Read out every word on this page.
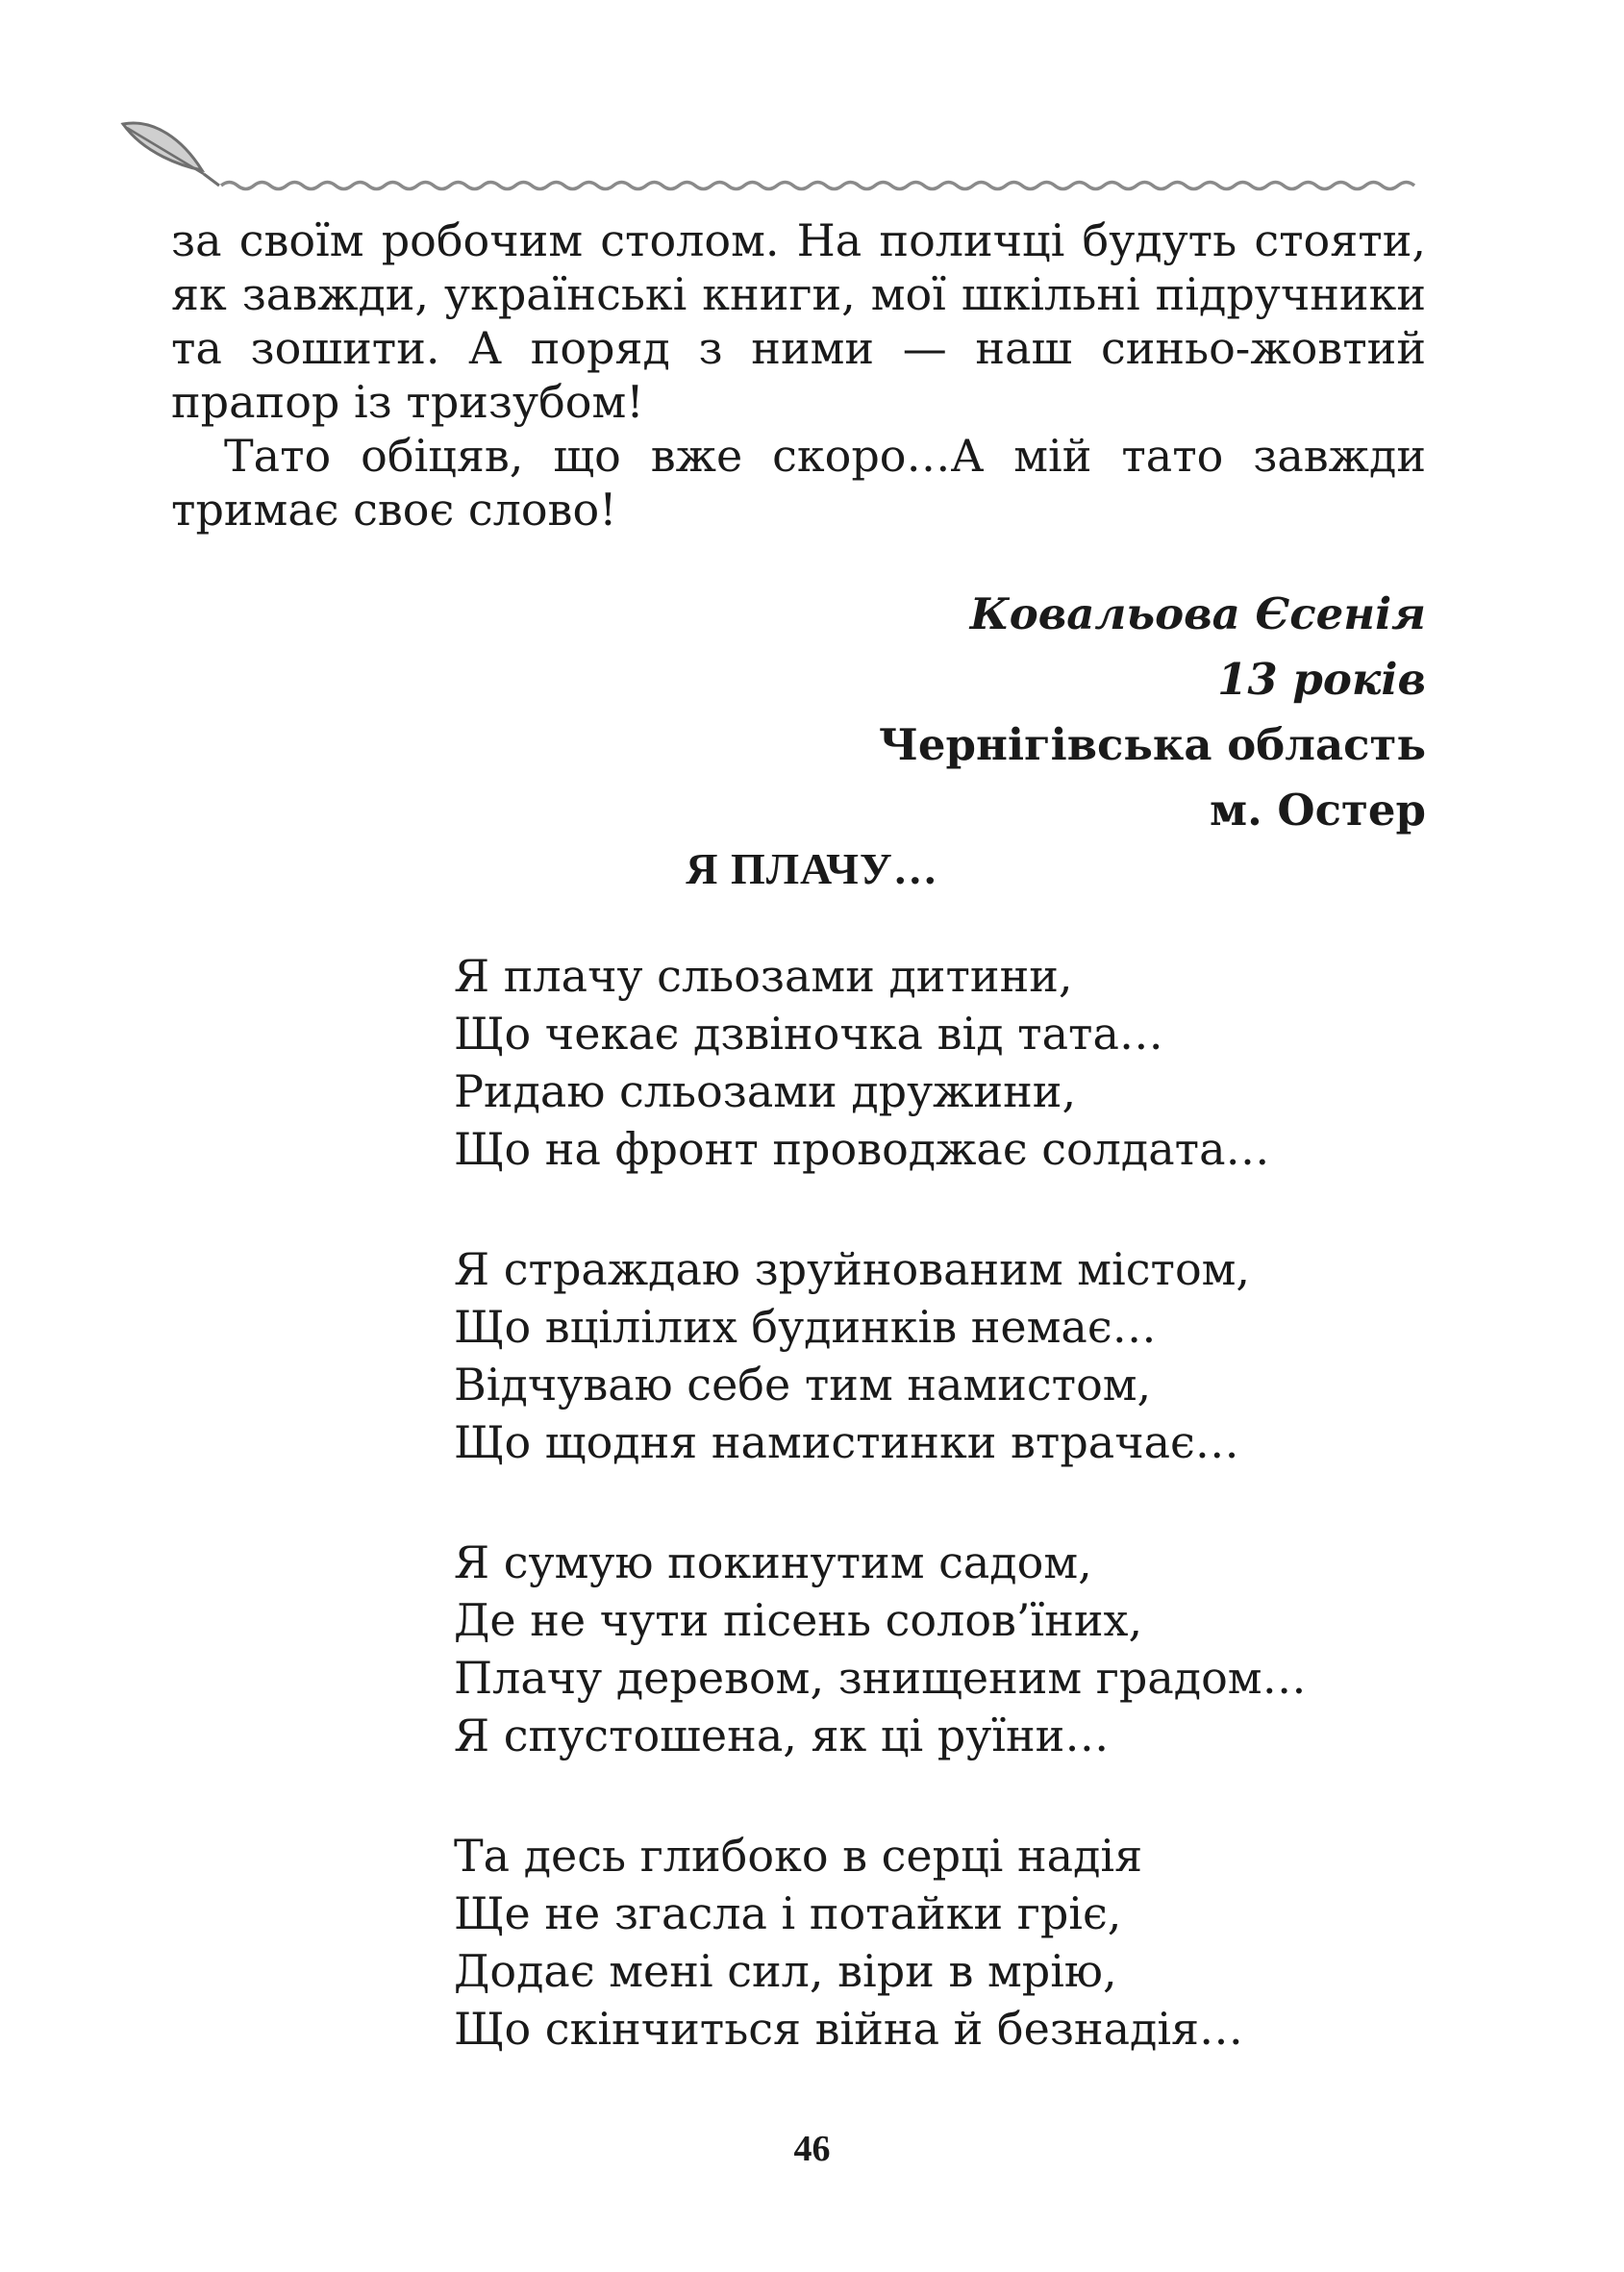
за своїм робочим столом. На поличці будуть стояти, як завжди, українські книги, мої шкільні підручники та зошити. А поряд з ними — наш синьо-жовтий прапор із тризубом!

Тато обіцяв, що вже скоро…А мій тато завжди тримає своє слово!

Ковальова Єсенія
13 років
Чернігівська область
м. Остер
Я ПЛАЧУ…
Я плачу сльозами дитини,
Що чекає дзвіночка від тата…
Ридаю сльозами дружини,
Що на фронт проводжає солдата…
Я страждаю зруйнованим містом,
Що вцілілих будинків немає…
Відчуваю себе тим намистом,
Що щодня намистинки втрачає…
Я сумую покинутим садом,
Де не чути пісень солов’їних,
Плачу деревом, знищеним градом…
Я спустошена, як ці руїни…
Та десь глибоко в серці надія
Ще не згасла і потайки гріє,
Додає мені сил, віри в мрію,
Що скінчиться війна й безнадія…
46
